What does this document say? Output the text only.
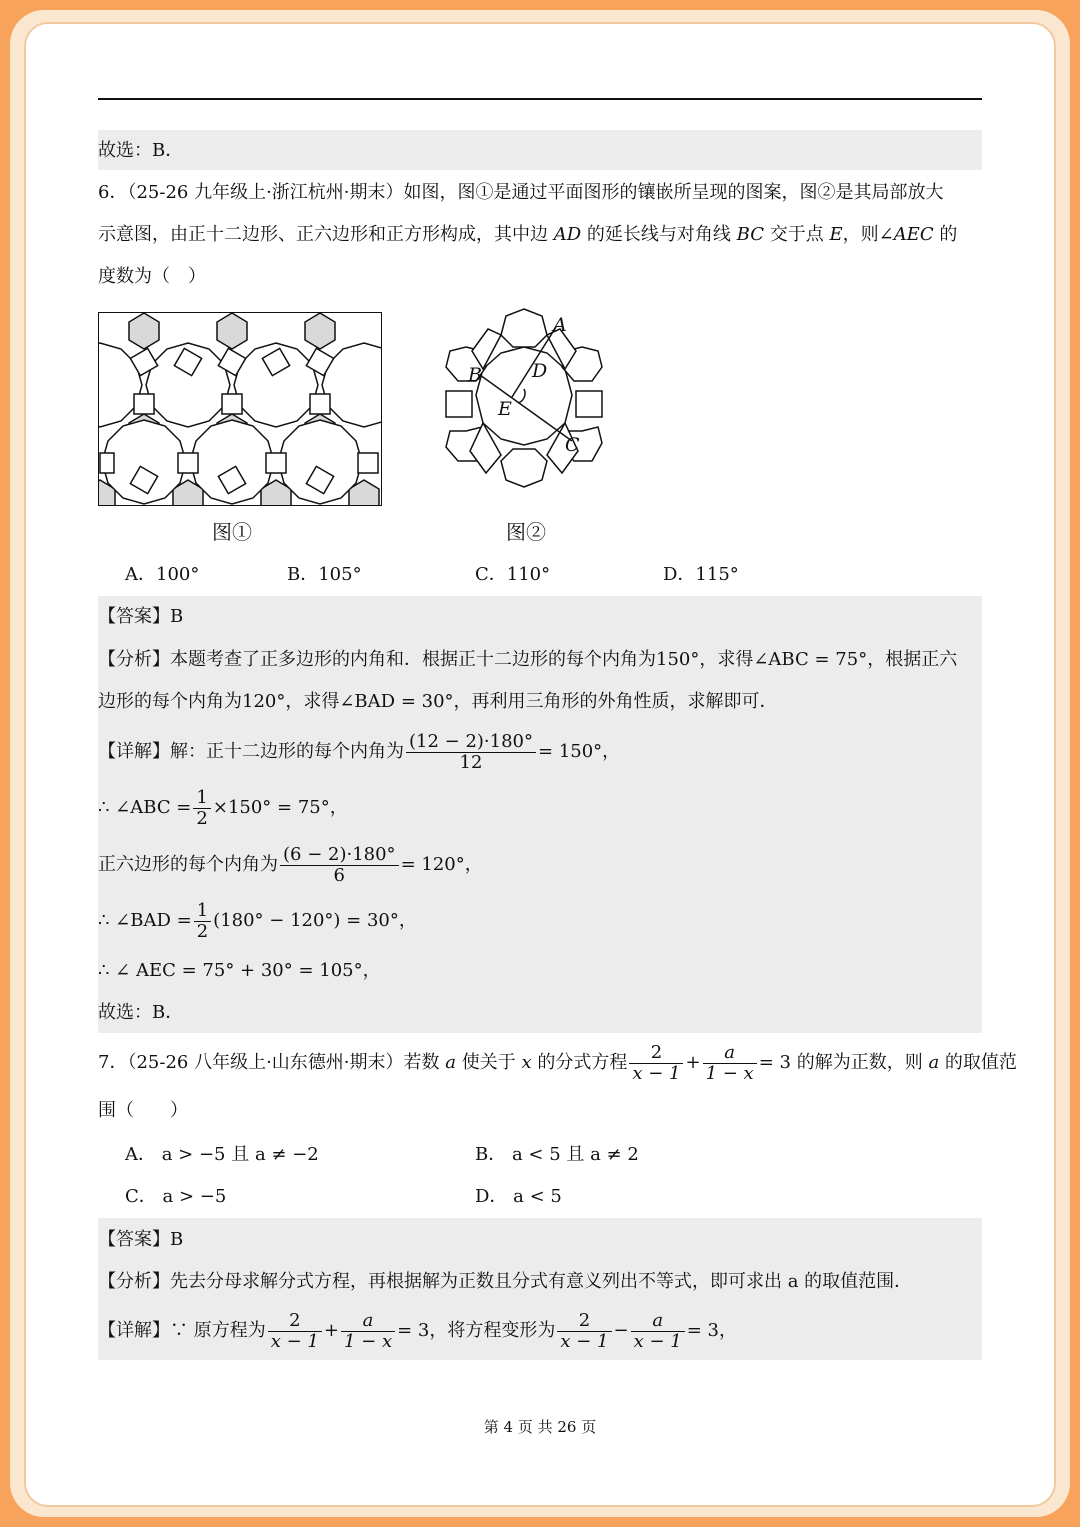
故选：B．
6．（25-26 九年级上·浙江杭州·期末）如图，图①是通过平面图形的镶嵌所呈现的图案，图②是其局部放大
示意图，由正十二边形、正六边形和正方形构成，其中边 AD 的延长线与对角线 BC 交于点 E，则∠AEC 的
度数为（　）
A
B	D
E
C
图①	图②
A．100°	B．105°	C．110°	D．115°
【答案】B
【分析】本题考查了正多边形的内角和．根据正十二边形的每个内角为150°，求得∠ABC = 75°，根据正六
边形的每个内角为120°，求得∠BAD = 30°，再利用三角形的外角性质，求解即可．
【详解】解：正十二边形的每个内角为 $\frac{(12 - 2)\cdot 180^\circ}{12} = 150^\circ$，
∴ ∠ABC = $\frac{1}{2} \times 150^\circ = 75^\circ$，
正六边形的每个内角为 $\frac{(6 - 2)\cdot 180^\circ}{6} = 120^\circ$，
∴ ∠BAD = $\frac{1}{2} (180^\circ - 120^\circ) = 30^\circ$，
∴ ∠ AEC = 75° + 30° = 105°，
故选：B．
7．（25-26 八年级上·山东德州·期末）若数 a 使关于 x 的分式方程 $\frac{2}{x - 1} + \frac{a}{1 - x} = 3$ 的解为正数，则 a 的取值范
围（　　）
A． a > −5 且 a ≠ −2	B． a < 5 且 a ≠ 2
C． a > −5	D． a < 5
【答案】B
【分析】先去分母求解分式方程，再根据解为正数且分式有意义列出不等式，即可求出 a 的取值范围．
【详解】∵ 原方程为 $\frac{2}{x - 1} + \frac{a}{1 - x} = 3$，将方程变形为 $\frac{2}{x - 1} - \frac{a}{x - 1} = 3$，
第 4 页 共 26 页
